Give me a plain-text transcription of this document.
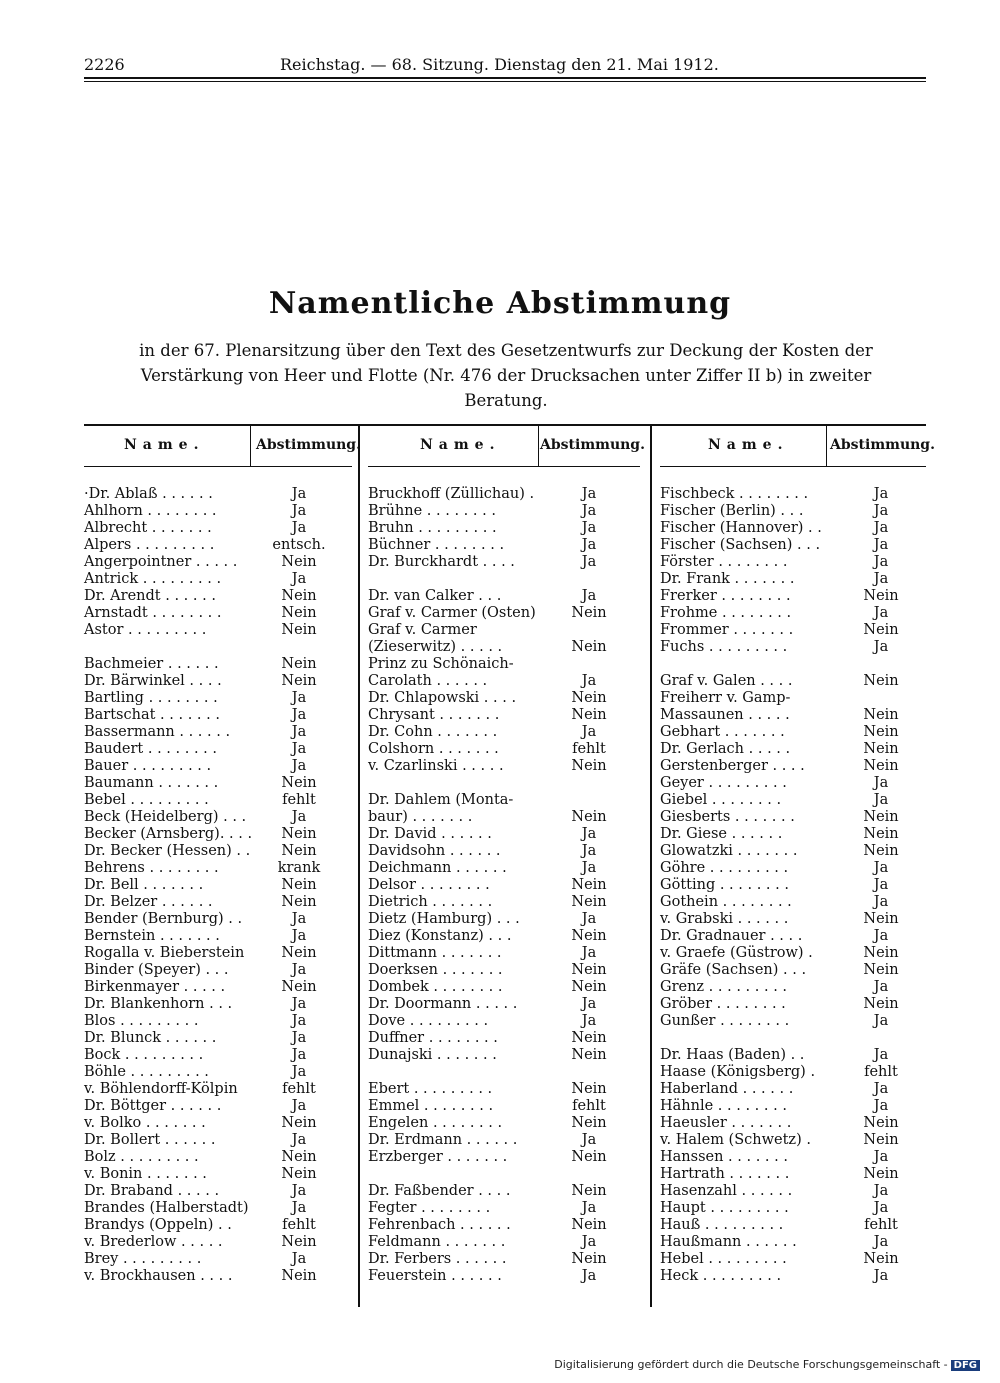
2226	Reichstag. — 68. Sitzung. Dienstag den 21. Mai 1912.
Namentliche Abstimmung
in der 67. Plenarsitzung über den Text des Gesetzentwurfs zur Deckung der Kosten der Verstärkung von Heer und Flotte (Nr. 476 der Drucksachen unter Ziffer II b) in zweiter Beratung.
Name.	Abstimmung.
·Dr. Ablaß . . . . . .	Ja
Ahlhorn . . . . . . . .	Ja
Albrecht . . . . . . .	Ja
Alpers . . . . . . . . .	entsch.
Angerpointner . . . . .	Nein
Antrick . . . . . . . . .	Ja
Dr. Arendt . . . . . .	Nein
Arnstadt . . . . . . . .	Nein
Astor . . . . . . . . .	Nein
Bachmeier . . . . . .	Nein
Dr. Bärwinkel . . . .	Nein
Bartling . . . . . . . .	Ja
Bartschat . . . . . . .	Ja
Bassermann . . . . . .	Ja
Baudert . . . . . . . .	Ja
Bauer . . . . . . . . .	Ja
Baumann . . . . . . .	Nein
Bebel . . . . . . . . .	fehlt
Beck (Heidelberg) . . .	Ja
Becker (Arnsberg). . . .	Nein
Dr. Becker (Hessen) . .	Nein
Behrens . . . . . . . .	krank
Dr. Bell . . . . . . .	Nein
Dr. Belzer . . . . . .	Nein
Bender (Bernburg) . .	Ja
Bernstein . . . . . . .	Ja
Rogalla v. Bieberstein	Nein
Binder (Speyer) . . .	Ja
Birkenmayer . . . . .	Nein
Dr. Blankenhorn . . .	Ja
Blos . . . . . . . . .	Ja
Dr. Blunck . . . . . .	Ja
Bock . . . . . . . . .	Ja
Böhle . . . . . . . . .	Ja
v. Böhlendorff-Kölpin	fehlt
Dr. Böttger . . . . . .	Ja
v. Bolko . . . . . . .	Nein
Dr. Bollert . . . . . .	Ja
Bolz . . . . . . . . .	Nein
v. Bonin . . . . . . .	Nein
Dr. Braband . . . . .	Ja
Brandes (Halberstadt)	Ja
Brandys (Oppeln) . .	fehlt
v. Brederlow . . . . .	Nein
Brey . . . . . . . . .	Ja
v. Brockhausen . . . .	Nein
Name.	Abstimmung.
Bruckhoff (Züllichau) .	Ja
Brühne . . . . . . . .	Ja
Bruhn . . . . . . . . .	Ja
Büchner . . . . . . . .	Ja
Dr. Burckhardt . . . .	Ja
Dr. van Calker . . .	Ja
Graf v. Carmer (Osten)	Nein
Graf v. Carmer
(Zieserwitz) . . . . .	Nein
Prinz zu Schönaich-
Carolath . . . . . .	Ja
Dr. Chlapowski . . . .	Nein
Chrysant . . . . . . .	Nein
Dr. Cohn . . . . . . .	Ja
Colshorn . . . . . . .	fehlt
v. Czarlinski . . . . .	Nein
Dr. Dahlem (Monta-
baur) . . . . . . .	Nein
Dr. David . . . . . .	Ja
Davidsohn . . . . . .	Ja
Deichmann . . . . . .	Ja
Delsor . . . . . . . .	Nein
Dietrich . . . . . . .	Nein
Dietz (Hamburg) . . .	Ja
Diez (Konstanz) . . .	Nein
Dittmann . . . . . . .	Ja
Doerksen . . . . . . .	Nein
Dombek . . . . . . . .	Nein
Dr. Doormann . . . . .	Ja
Dove . . . . . . . . .	Ja
Duffner . . . . . . . .	Nein
Dunajski . . . . . . .	Nein
Ebert . . . . . . . . .	Nein
Emmel . . . . . . . .	fehlt
Engelen . . . . . . . .	Nein
Dr. Erdmann . . . . . .	Ja
Erzberger . . . . . . .	Nein
Dr. Faßbender . . . .	Nein
Fegter . . . . . . . .	Ja
Fehrenbach . . . . . .	Nein
Feldmann . . . . . . .	Ja
Dr. Ferbers . . . . . .	Nein
Feuerstein . . . . . .	Ja
Name.	Abstimmung.
Fischbeck . . . . . . . .	Ja
Fischer (Berlin) . . .	Ja
Fischer (Hannover) . .	Ja
Fischer (Sachsen) . . .	Ja
Förster . . . . . . . .	Ja
Dr. Frank . . . . . . .	Ja
Frerker . . . . . . . .	Nein
Frohme . . . . . . . .	Ja
Frommer . . . . . . .	Nein
Fuchs . . . . . . . . .	Ja
Graf v. Galen . . . .	Nein
Freiherr v. Gamp-
Massaunen . . . . .	Nein
Gebhart . . . . . . .	Nein
Dr. Gerlach . . . . .	Nein
Gerstenberger . . . .	Nein
Geyer . . . . . . . . .	Ja
Giebel . . . . . . . .	Ja
Giesberts . . . . . . .	Nein
Dr. Giese . . . . . .	Nein
Glowatzki . . . . . . .	Nein
Göhre . . . . . . . . .	Ja
Götting . . . . . . . .	Ja
Gothein . . . . . . . .	Ja
v. Grabski . . . . . .	Nein
Dr. Gradnauer . . . .	Ja
v. Graefe (Güstrow) .	Nein
Gräfe (Sachsen) . . .	Nein
Grenz . . . . . . . . .	Ja
Gröber . . . . . . . .	Nein
Gunßer . . . . . . . .	Ja
Dr. Haas (Baden) . .	Ja
Haase (Königsberg) .	fehlt
Haberland . . . . . .	Ja
Hähnle . . . . . . . .	Ja
Haeusler . . . . . . .	Nein
v. Halem (Schwetz) .	Nein
Hanssen . . . . . . .	Ja
Hartrath . . . . . . .	Nein
Hasenzahl . . . . . .	Ja
Haupt . . . . . . . . .	Ja
Hauß . . . . . . . . .	fehlt
Haußmann . . . . . .	Ja
Hebel . . . . . . . . .	Nein
Heck . . . . . . . . .	Ja
Digitalisierung gefördert durch die Deutsche Forschungsgemeinschaft - DFG
